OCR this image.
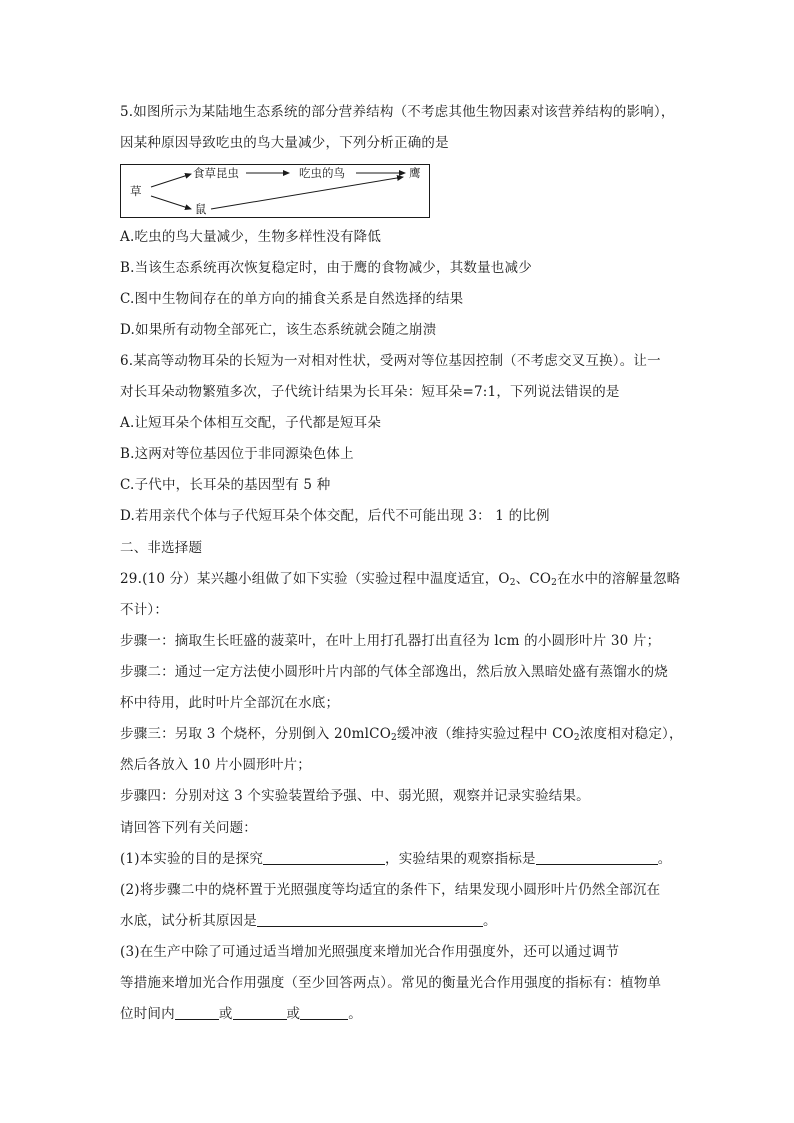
5.如图所示为某陆地生态系统的部分营养结构（不考虑其他生物因素对该营养结构的影响），
因某种原因导致吃虫的鸟大量减少，下列分析正确的是
草
食草昆虫	吃虫的鸟	鹰
鼠
A.吃虫的鸟大量减少，生物多样性没有降低
B.当该生态系统再次恢复稳定时，由于鹰的食物减少，其数量也减少
C.图中生物间存在的单方向的捕食关系是自然选择的结果
D.如果所有动物全部死亡，该生态系统就会随之崩溃
6.某高等动物耳朵的长短为一对相对性状，受两对等位基因控制（不考虑交叉互换）。让一
对长耳朵动物繁殖多次，子代统计结果为长耳朵：短耳朵=7:1，下列说法错误的是
A.让短耳朵个体相互交配，子代都是短耳朵
B.这两对等位基因位于非同源染色体上
C.子代中，长耳朵的基因型有 5 种
D.若用亲代个体与子代短耳朵个体交配，后代不可能出现 3： 1 的比例
二、非选择题
29.(10 分）某兴趣小组做了如下实验（实验过程中温度适宜，$O_2$、$CO_2$在水中的溶解量忽略
不计）：
步骤一：摘取生长旺盛的菠菜叶，在叶上用打孔器打出直径为 lcm 的小圆形叶片 30 片；
步骤二：通过一定方法使小圆形叶片内部的气体全部逸出，然后放入黑暗处盛有蒸馏水的烧
杯中待用，此时叶片全部沉在水底；
步骤三：另取 3 个烧杯，分别倒入 20mlCO$_2$缓冲液（维持实验过程中 $CO_2$浓度相对稳定），
然后各放入 10 片小圆形叶片；
步骤四：分别对这 3 个实验装置给予强、中、弱光照，观察并记录实验结果。
请回答下列有关问题：
(1)本实验的目的是探究	，实验结果的观察指标是	。
(2)将步骤二中的烧杯置于光照强度等均适宜的条件下，结果发现小圆形叶片仍然全部沉在
水底，试分析其原因是	。
(3)在生产中除了可通过适当增加光照强度来增加光合作用强度外，还可以通过调节
等措施来增加光合作用强度（至少回答两点）。常见的衡量光合作用强度的指标有：植物单
位时间内	或	或	。
